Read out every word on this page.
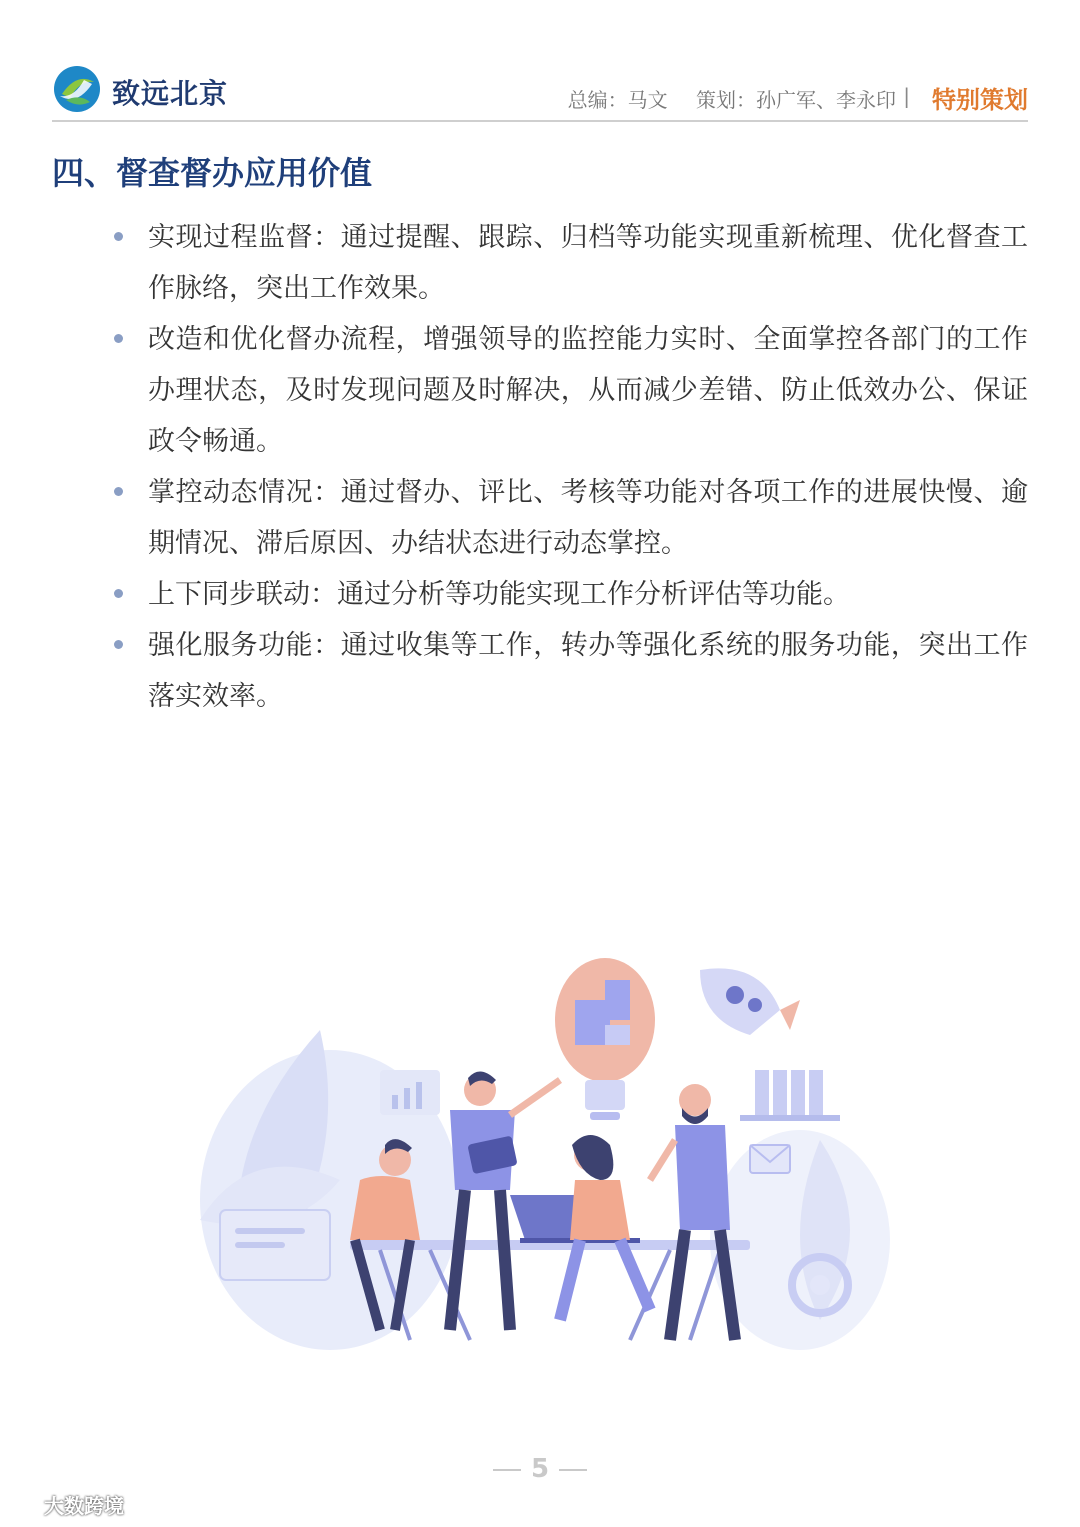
致远北京	总编：马文 策划：孙广军、李永印 | 特别策划
四、督查督办应用价值
实现过程监督：通过提醒、跟踪、归档等功能实现重新梳理、优化督查工作脉络，突出工作效果。
改造和优化督办流程，增强领导的监控能力实时、全面掌控各部门的工作办理状态，及时发现问题及时解决，从而减少差错、防止低效办公、保证政令畅通。
掌控动态情况：通过督办、评比、考核等功能对各项工作的进展快慢、逾期情况、滞后原因、办结状态进行动态掌控。
上下同步联动：通过分析等功能实现工作分析评估等功能。
强化服务功能：通过收集等工作，转办等强化系统的服务功能，突出工作落实效率。
5
大数跨境
